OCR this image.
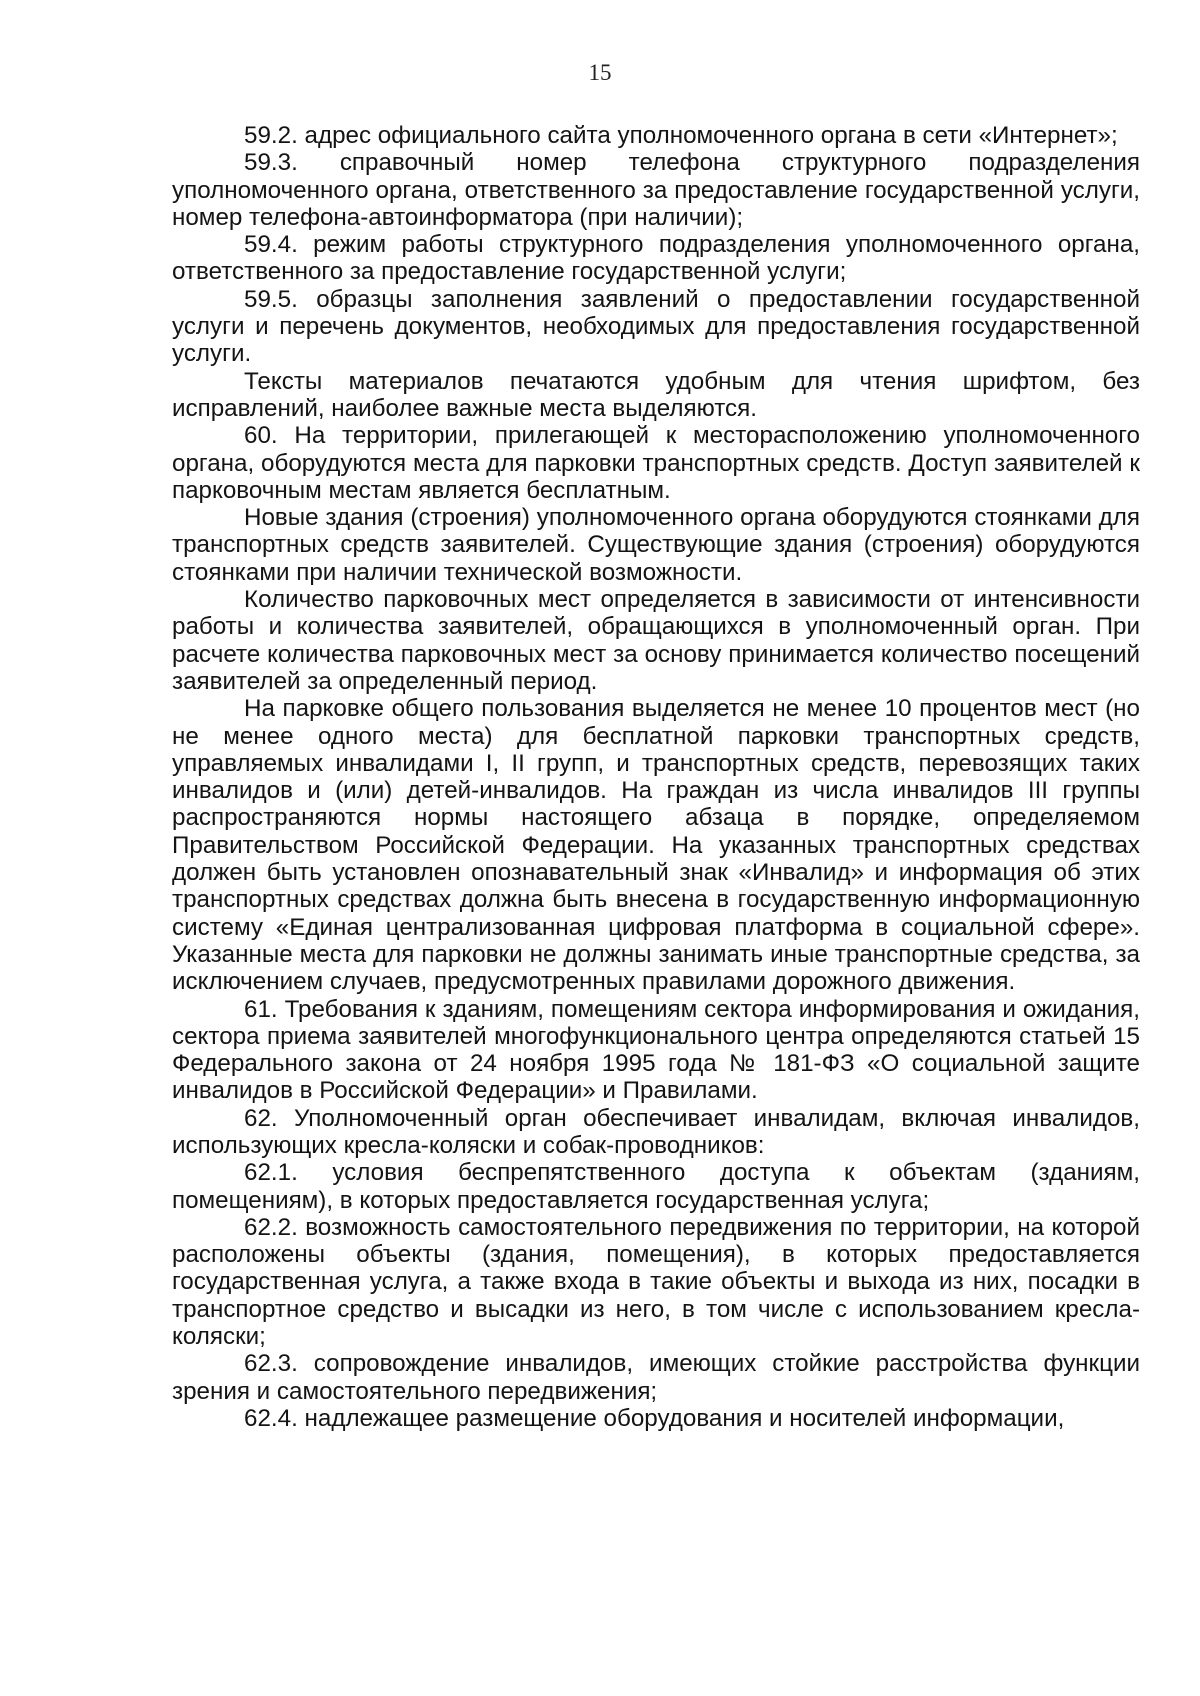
15

59.2. адрес официального сайта уполномоченного органа в сети «Интернет»;

59.3. справочный номер телефона структурного подразделения уполномоченного органа, ответственного за предоставление государственной услуги, номер телефона-автоинформатора (при наличии);

59.4. режим работы структурного подразделения уполномоченного органа, ответственного за предоставление государственной услуги;

59.5. образцы заполнения заявлений о предоставлении государственной услуги и перечень документов, необходимых для предоставления государственной услуги.

Тексты материалов печатаются удобным для чтения шрифтом, без исправлений, наиболее важные места выделяются.

60. На территории, прилегающей к месторасположению уполномоченного органа, оборудуются места для парковки транспортных средств. Доступ заявителей к парковочным местам является бесплатным.

Новые здания (строения) уполномоченного органа оборудуются стоянками для транспортных средств заявителей. Существующие здания (строения) оборудуются стоянками при наличии технической возможности.

Количество парковочных мест определяется в зависимости от интенсивности работы и количества заявителей, обращающихся в уполномоченный орган. При расчете количества парковочных мест за основу принимается количество посещений заявителей за определенный период.

На парковке общего пользования выделяется не менее 10 процентов мест (но не менее одного места) для бесплатной парковки транспортных средств, управляемых инвалидами I, II групп, и транспортных средств, перевозящих таких инвалидов и (или) детей-инвалидов. На граждан из числа инвалидов III группы распространяются нормы настоящего абзаца в порядке, определяемом Правительством Российской Федерации. На указанных транспортных средствах должен быть установлен опознавательный знак «Инвалид» и информация об этих транспортных средствах должна быть внесена в государственную информационную систему «Единая централизованная цифровая платформа в социальной сфере». Указанные места для парковки не должны занимать иные транспортные средства, за исключением случаев, предусмотренных правилами дорожного движения.

61. Требования к зданиям, помещениям сектора информирования и ожидания, сектора приема заявителей многофункционального центра определяются статьей 15 Федерального закона от 24 ноября 1995 года № 181-ФЗ «О социальной защите инвалидов в Российской Федерации» и Правилами.

62. Уполномоченный орган обеспечивает инвалидам, включая инвалидов, использующих кресла-коляски и собак-проводников:

62.1. условия беспрепятственного доступа к объектам (зданиям, помещениям), в которых предоставляется государственная услуга;

62.2. возможность самостоятельного передвижения по территории, на которой расположены объекты (здания, помещения), в которых предоставляется государственная услуга, а также входа в такие объекты и выхода из них, посадки в транспортное средство и высадки из него, в том числе с использованием кресла-коляски;

62.3. сопровождение инвалидов, имеющих стойкие расстройства функции зрения и самостоятельного передвижения;

62.4. надлежащее размещение оборудования и носителей информации,
